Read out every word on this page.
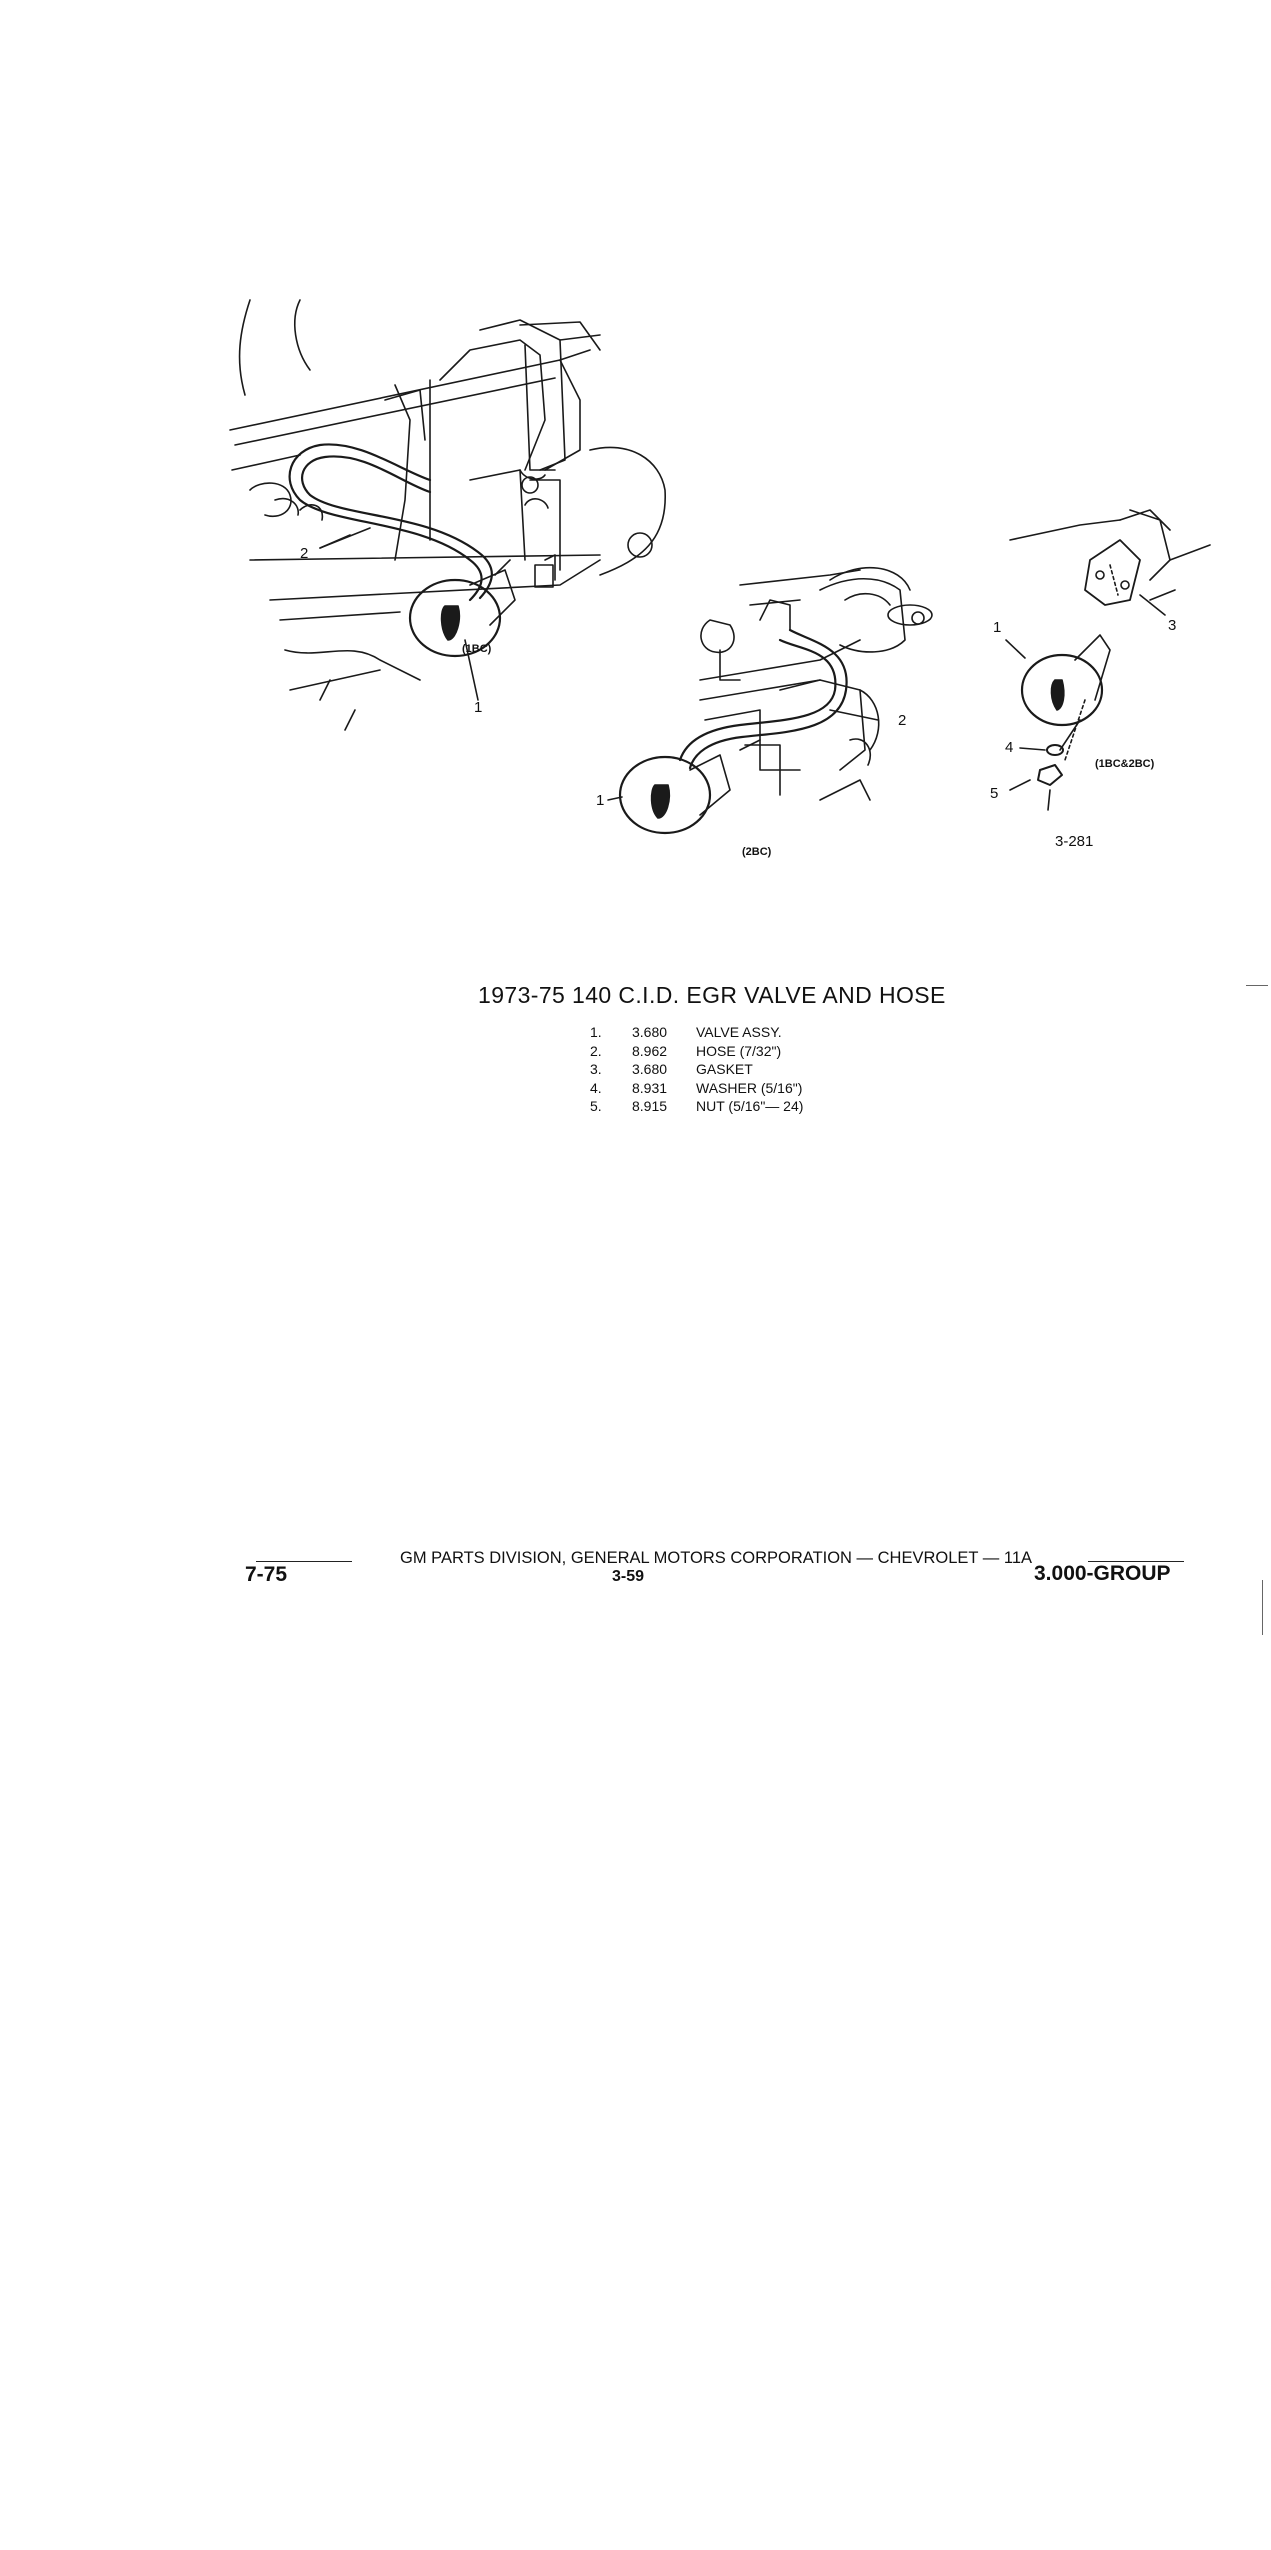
2
1
2
1
1	3
4
5
(1BC)
(2BC)
(1BC&2BC)
3-281
1973-75 140 C.I.D. EGR VALVE AND HOSE
1.	3.680	VALVE ASSY.
2.	8.962	HOSE (7/32")
3.	3.680	GASKET
4.	8.931	WASHER (5/16")
5.	8.915	NUT (5/16"— 24)
GM PARTS DIVISION, GENERAL MOTORS CORPORATION — CHEVROLET — 11A
7-75	3-59	3.000-GROUP
